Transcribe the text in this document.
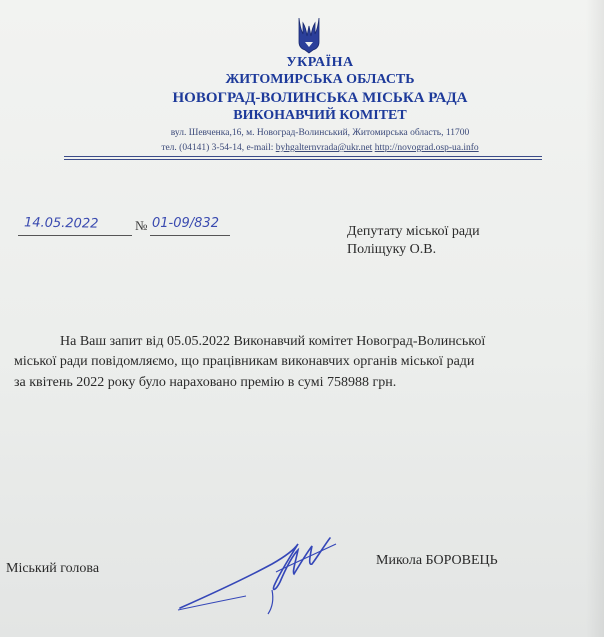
УКРАЇНА
ЖИТОМИРСЬКА ОБЛАСТЬ
НОВОГРАД-ВОЛИНСЬКА МІСЬКА РАДА
ВИКОНАВЧИЙ КОМІТЕТ
вул. Шевченка,16, м. Новоград-Волинський, Житомирська область, 11700
тел. (04141) 3-54-14, e-mail: byhgalternvrada@ukr.net http://novograd.osp-ua.info
14.05.2022	№ 01-09/832
Депутату міської ради
Поліщуку О.В.
На Ваш запит від 05.05.2022 Виконавчий комітет Новоград-Волинської
міської ради повідомляємо, що працівникам виконавчих органів міської ради
за квітень 2022 року було нараховано премію в сумі 758988 грн.
Міський голова
Микола БОРОВЕЦЬ
